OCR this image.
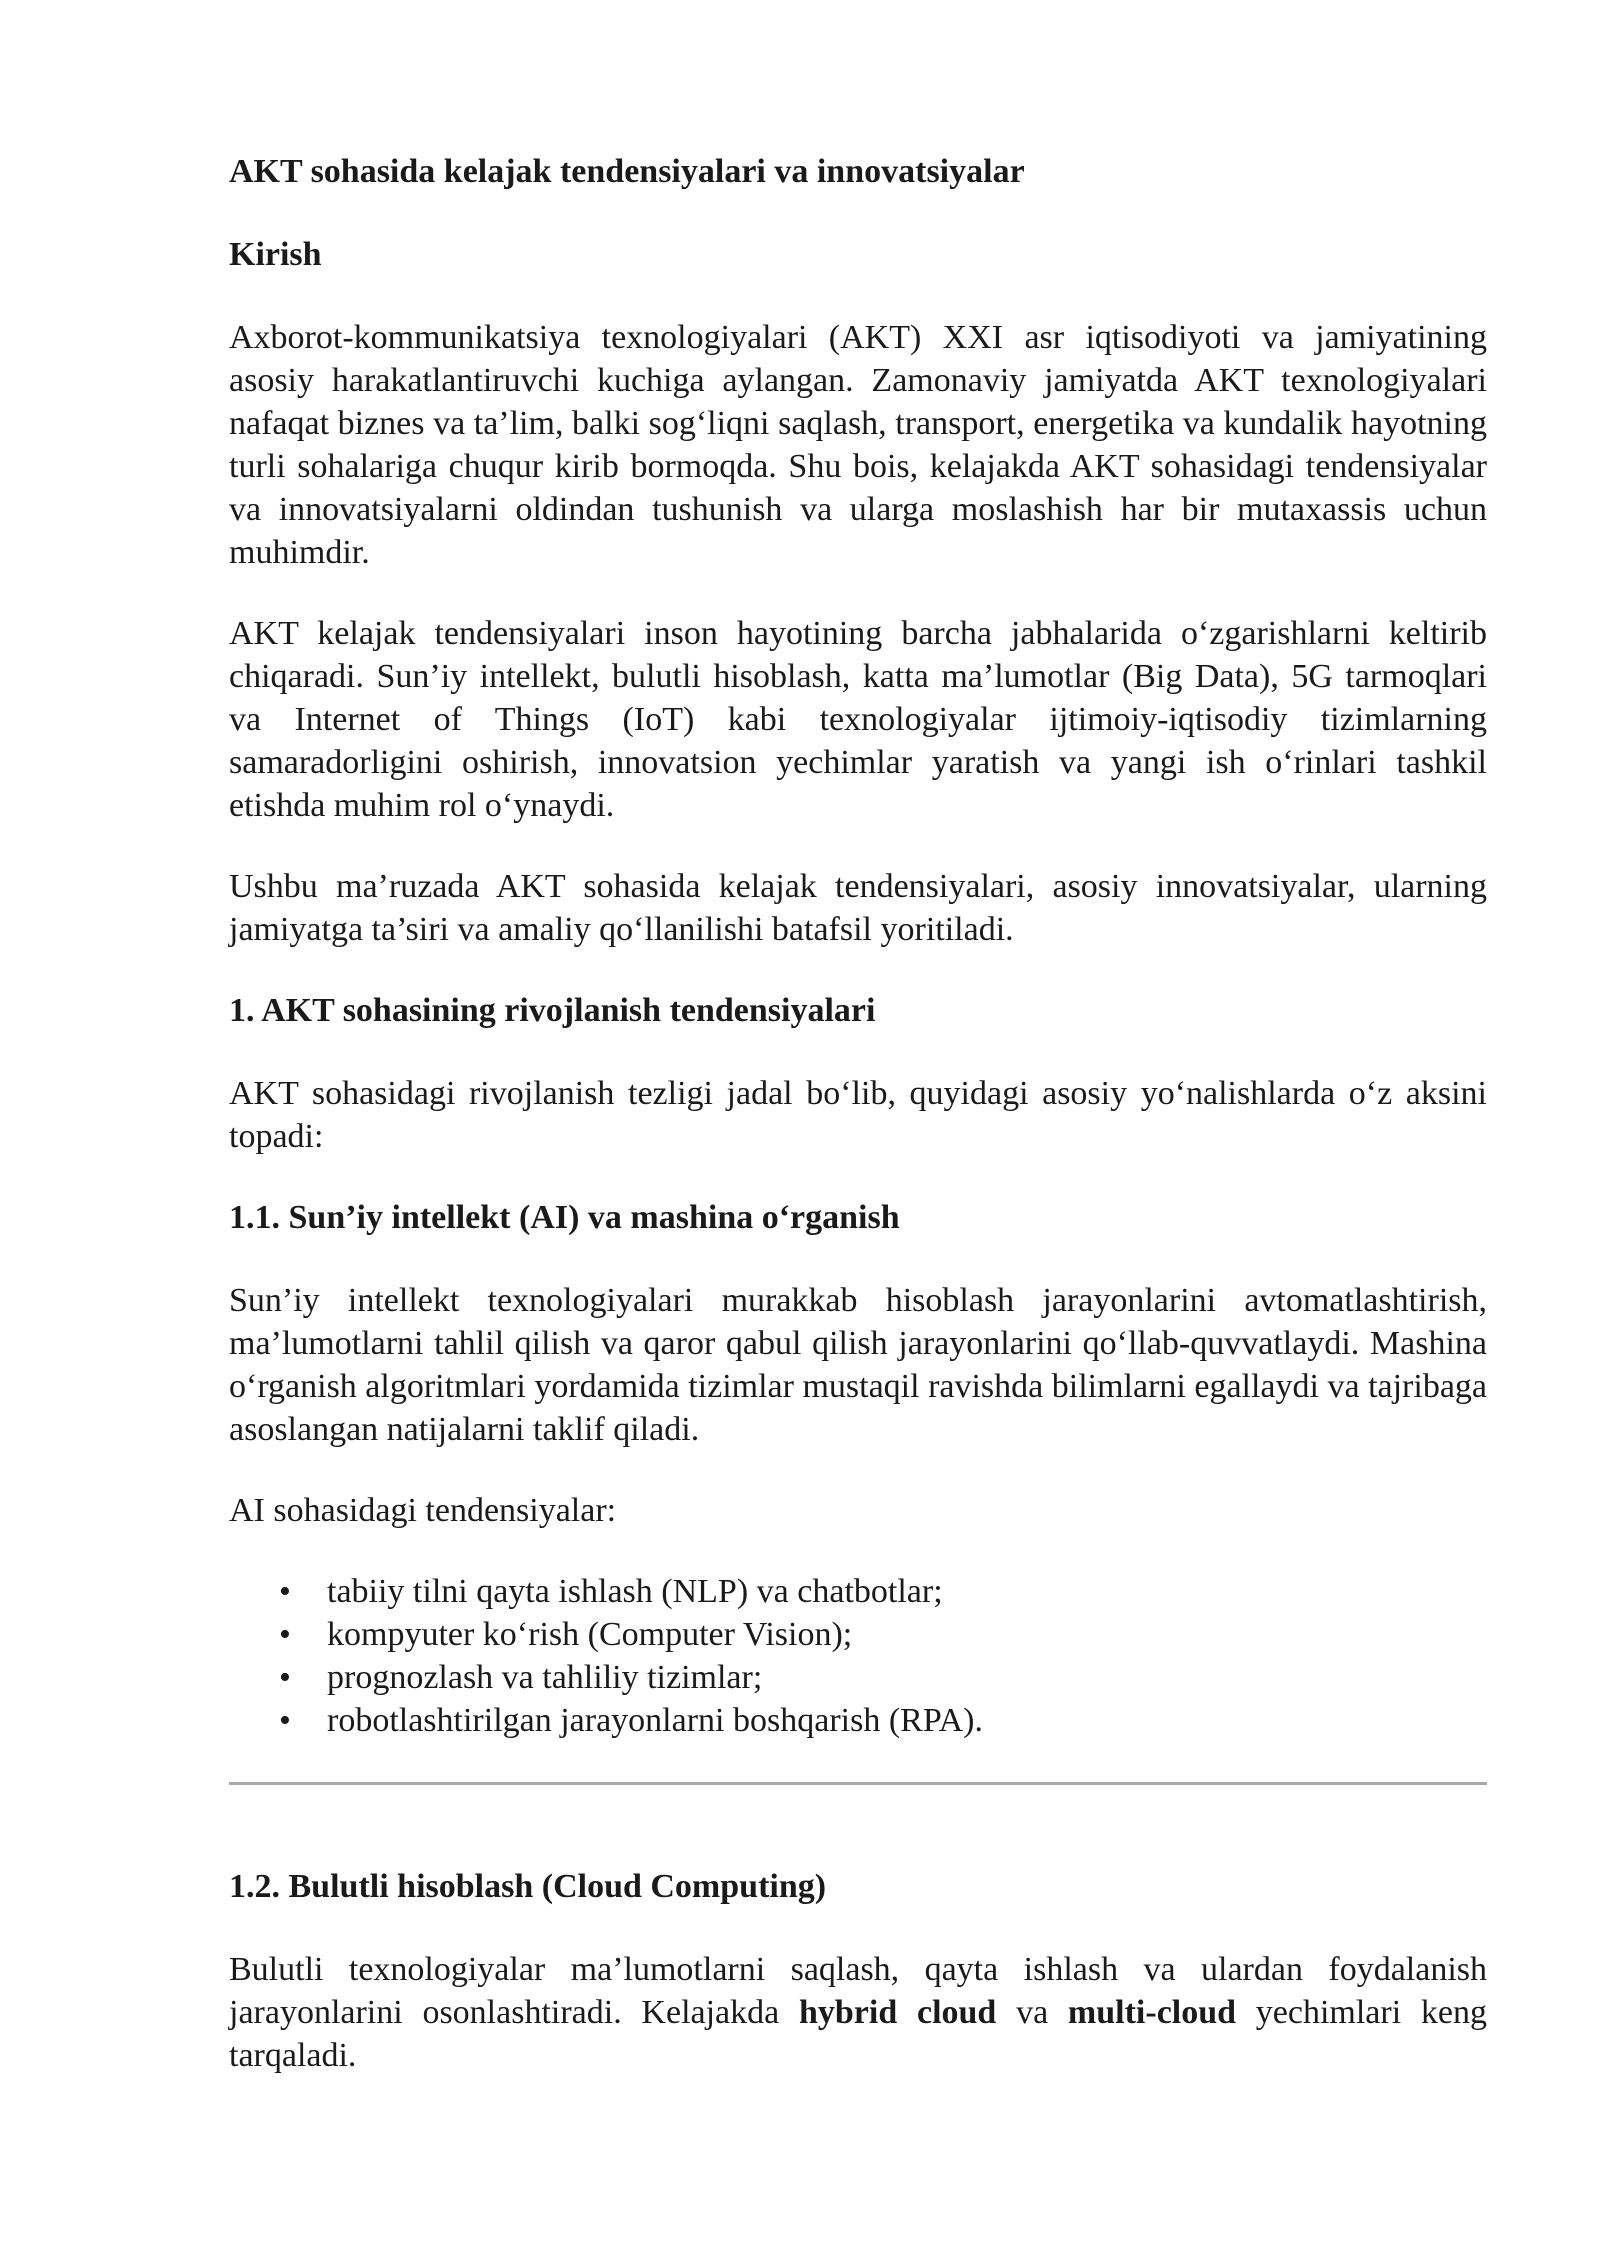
AKT sohasida kelajak tendensiyalari va innovatsiyalar
Kirish

Axborot-kommunikatsiya texnologiyalari (AKT) XXI asr iqtisodiyoti va jamiyatining asosiy harakatlantiruvchi kuchiga aylangan. Zamonaviy jamiyatda AKT texnologiyalari nafaqat biznes va ta’lim, balki sog‘liqni saqlash, transport, energetika va kundalik hayotning turli sohalariga chuqur kirib bormoqda. Shu bois, kelajakda AKT sohasidagi tendensiyalar va innovatsiyalarni oldindan tushunish va ularga moslashish har bir mutaxassis uchun muhimdir.

AKT kelajak tendensiyalari inson hayotining barcha jabhalarida o‘zgarishlarni keltirib chiqaradi. Sun’iy intellekt, bulutli hisoblash, katta ma’lumotlar (Big Data), 5G tarmoqlari va Internet of Things (IoT) kabi texnologiyalar ijtimoiy-iqtisodiy tizimlarning samaradorligini oshirish, innovatsion yechimlar yaratish va yangi ish o‘rinlari tashkil etishda muhim rol o‘ynaydi.

Ushbu ma’ruzada AKT sohasida kelajak tendensiyalari, asosiy innovatsiyalar, ularning jamiyatga ta’siri va amaliy qo‘llanilishi batafsil yoritiladi.

1. AKT sohasining rivojlanish tendensiyalari

AKT sohasidagi rivojlanish tezligi jadal bo‘lib, quyidagi asosiy yo‘nalishlarda o‘z aksini topadi:

1.1. Sun’iy intellekt (AI) va mashina o‘rganish

Sun’iy intellekt texnologiyalari murakkab hisoblash jarayonlarini avtomatlashtirish, ma’lumotlarni tahlil qilish va qaror qabul qilish jarayonlarini qo‘llab-quvvatlaydi. Mashina o‘rganish algoritmlari yordamida tizimlar mustaqil ravishda bilimlarni egallaydi va tajribaga asoslangan natijalarni taklif qiladi.

AI sohasidagi tendensiyalar:

• tabiiy tilni qayta ishlash (NLP) va chatbotlar;
• kompyuter ko‘rish (Computer Vision);
• prognozlash va tahliliy tizimlar;
• robotlashtirilgan jarayonlarni boshqarish (RPA).
1.2. Bulutli hisoblash (Cloud Computing)

Bulutli texnologiyalar ma’lumotlarni saqlash, qayta ishlash va ulardan foydalanish jarayonlarini osonlashtiradi. Kelajakda hybrid cloud va multi-cloud yechimlari keng tarqaladi.
